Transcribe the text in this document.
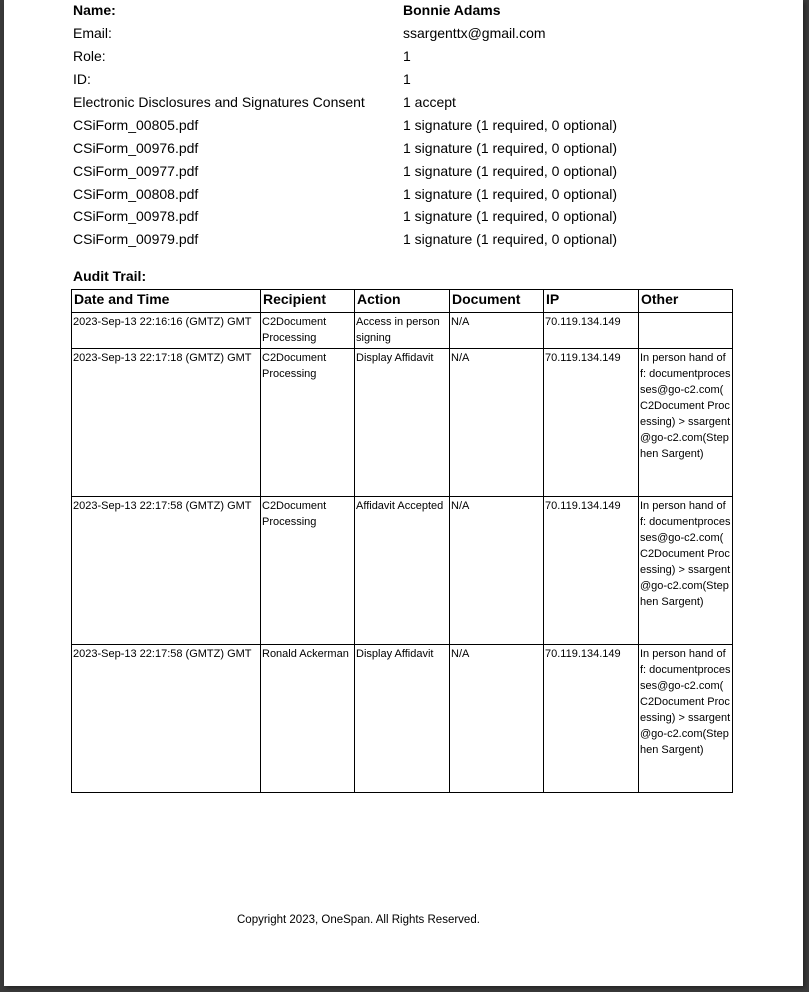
Name:	Bonnie Adams
Email:	ssargenttx@gmail.com
Role:	1
ID:	1
Electronic Disclosures and Signatures Consent	1 accept
CSiForm_00805.pdf	1 signature (1 required, 0 optional)
CSiForm_00976.pdf	1 signature (1 required, 0 optional)
CSiForm_00977.pdf	1 signature (1 required, 0 optional)
CSiForm_00808.pdf	1 signature (1 required, 0 optional)
CSiForm_00978.pdf	1 signature (1 required, 0 optional)
CSiForm_00979.pdf	1 signature (1 required, 0 optional)
Audit Trail:
Date and Time	Recipient	Action	Document	IP	Other
2023-Sep-13 22:16:16 (GMTZ) GMT	C2Document Processing	Access in person signing	N/A	70.119.134.149	
2023-Sep-13 22:17:18 (GMTZ) GMT	C2Document Processing	Display Affidavit	N/A	70.119.134.149	In person hand off: documentprocesses@go-c2.com( C2Document Processing) > ssargent@go-c2.com(Stephen Sargent)
2023-Sep-13 22:17:58 (GMTZ) GMT	C2Document Processing	Affidavit Accepted	N/A	70.119.134.149	In person hand off: documentprocesses@go-c2.com( C2Document Processing) > ssargent@go-c2.com(Stephen Sargent)
2023-Sep-13 22:17:58 (GMTZ) GMT	Ronald Ackerman	Display Affidavit	N/A	70.119.134.149	In person hand off: documentprocesses@go-c2.com( C2Document Processing) > ssargent@go-c2.com(Stephen Sargent)
Copyright 2023, OneSpan. All Rights Reserved.
